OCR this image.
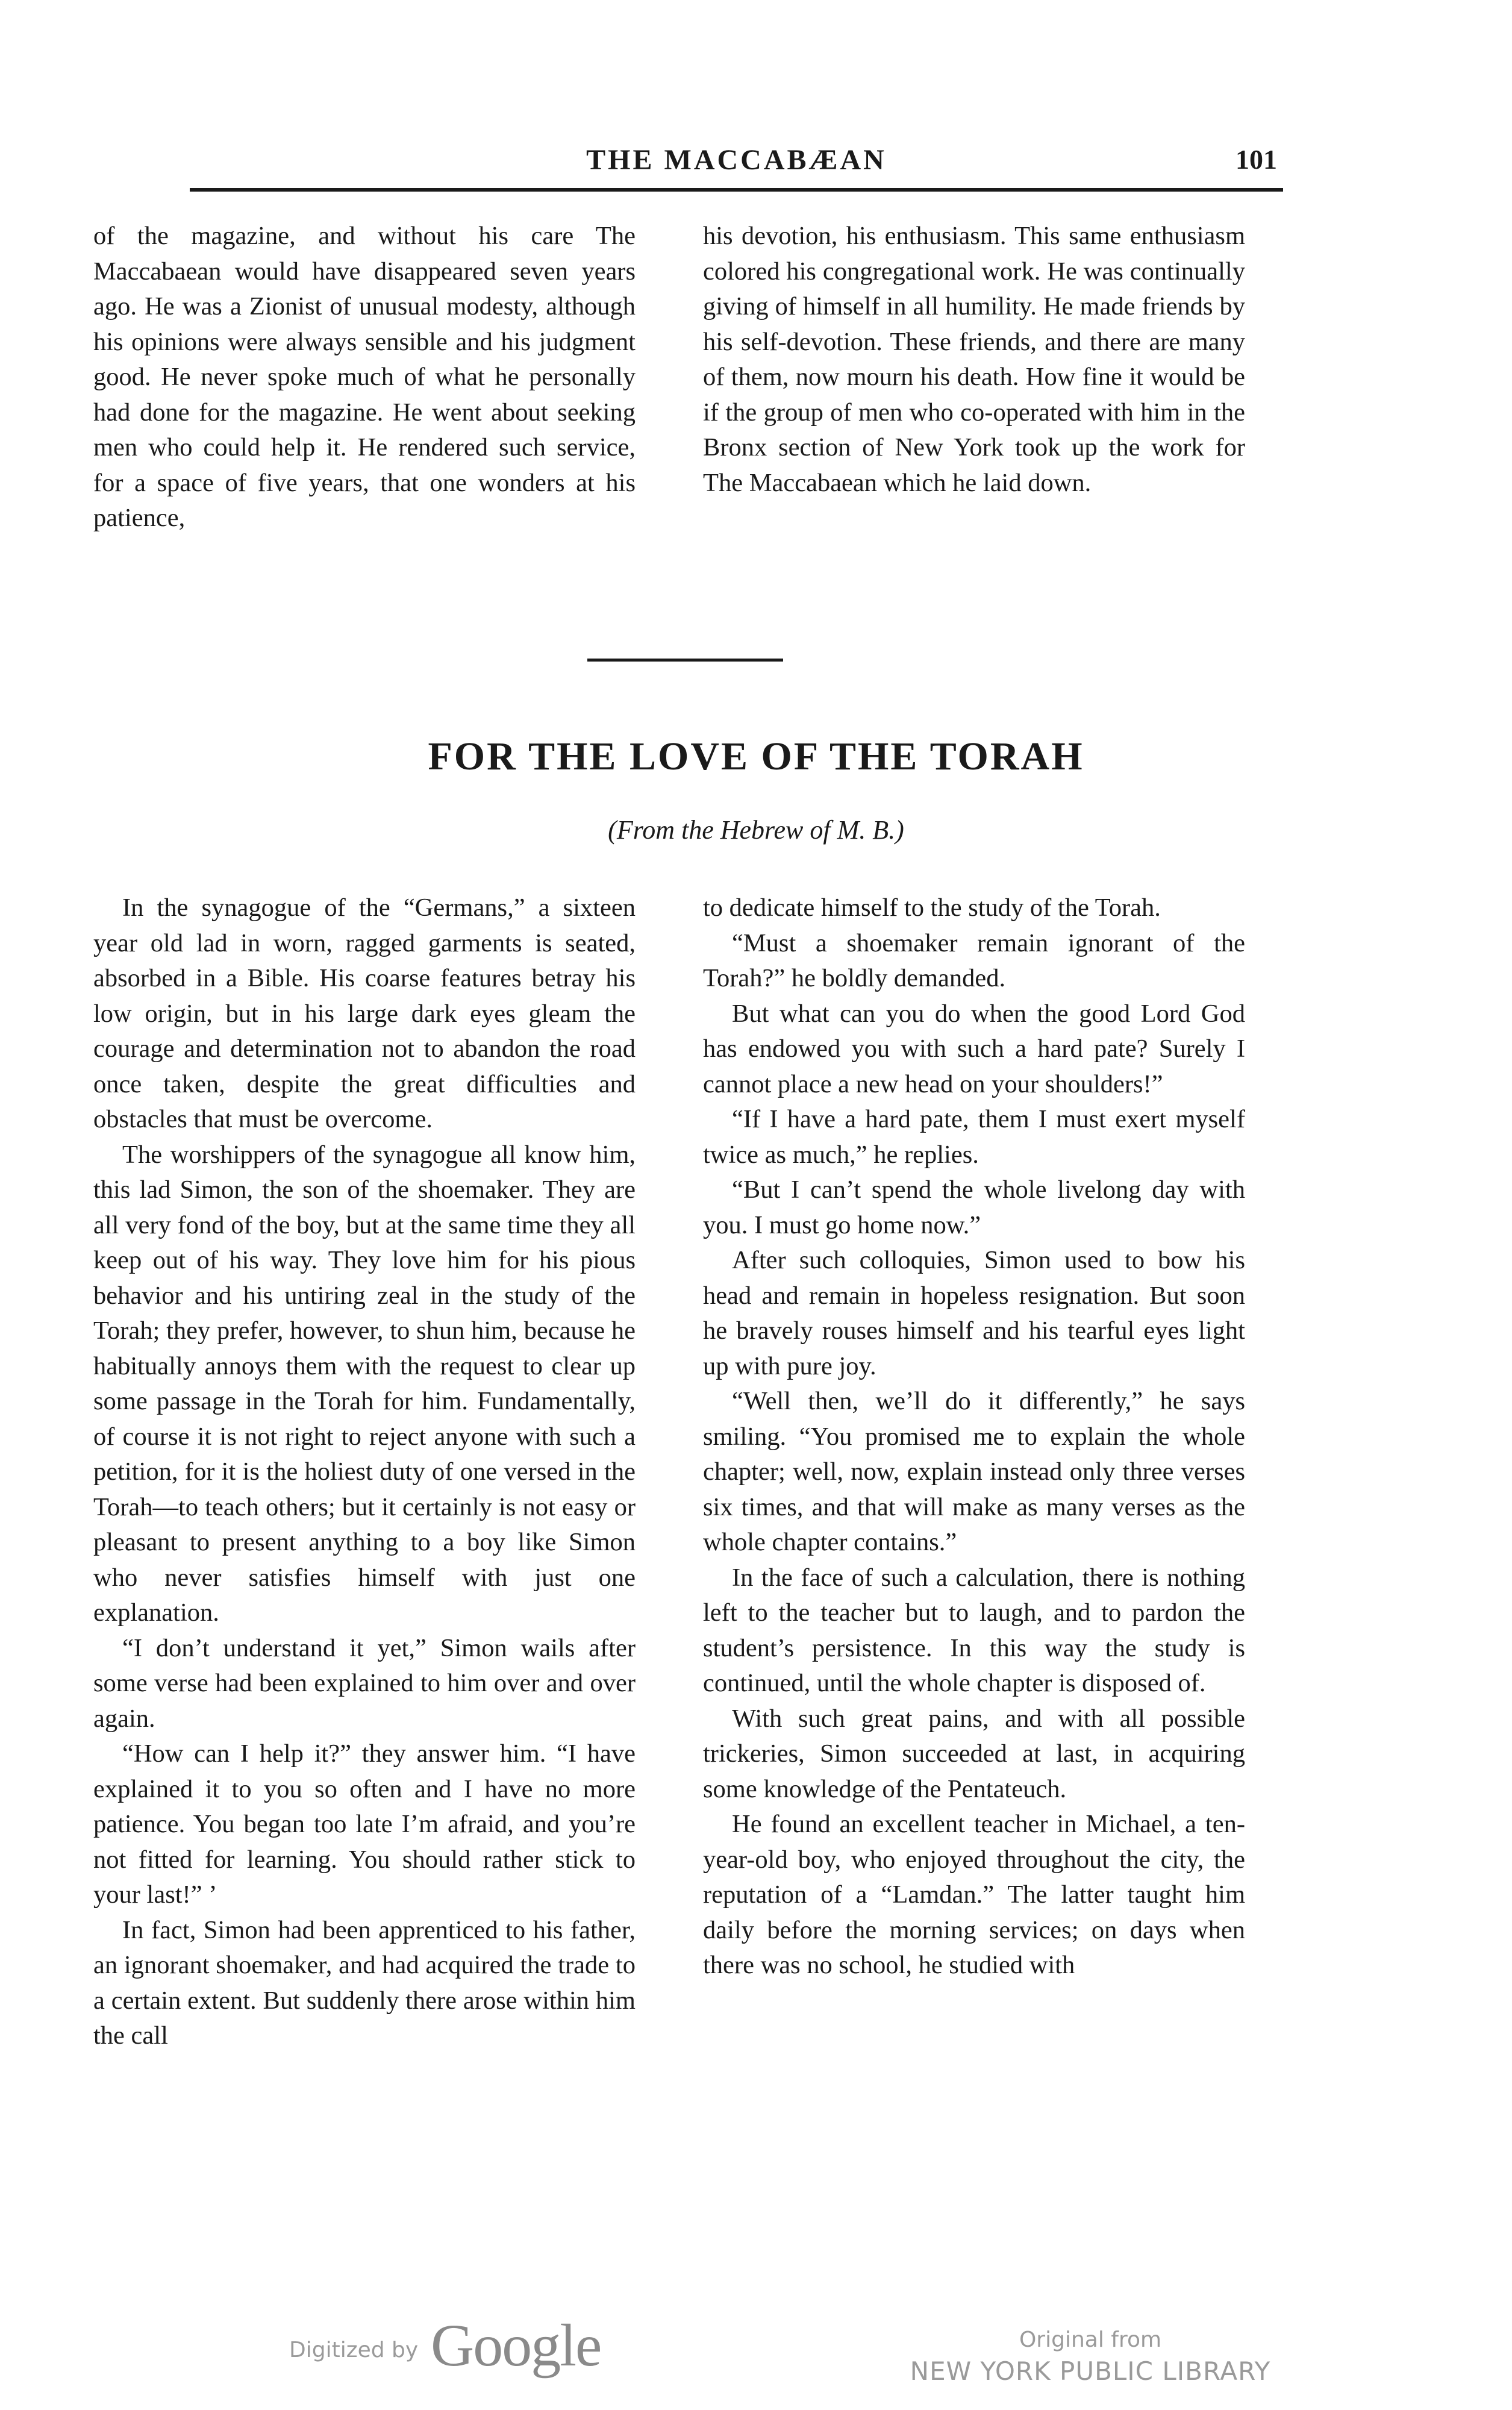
THE MACCABÆAN	101

of the magazine, and without his care The Maccabaean would have disappeared seven years ago. He was a Zionist of unusual modesty, although his opinions were always sensible and his judgment good. He never spoke much of what he personally had done for the magazine. He went about seeking men who could help it. He rendered such service, for a space of five years, that one wonders at his patience,

his devotion, his enthusiasm. This same enthusiasm colored his congregational work. He was continually giving of himself in all humility. He made friends by his self-devotion. These friends, and there are many of them, now mourn his death. How fine it would be if the group of men who co-operated with him in the Bronx section of New York took up the work for The Maccabaean which he laid down.

FOR THE LOVE OF THE TORAH
(From the Hebrew of M. B.)

In the synagogue of the “Germans,” a sixteen year old lad in worn, ragged garments is seated, absorbed in a Bible. His coarse features betray his low origin, but in his large dark eyes gleam the courage and determination not to abandon the road once taken, despite the great difficulties and obstacles that must be overcome.

The worshippers of the synagogue all know him, this lad Simon, the son of the shoemaker. They are all very fond of the boy, but at the same time they all keep out of his way. They love him for his pious behavior and his untiring zeal in the study of the Torah; they prefer, however, to shun him, because he habitually annoys them with the request to clear up some passage in the Torah for him. Fundamentally, of course it is not right to reject anyone with such a petition, for it is the holiest duty of one versed in the Torah—to teach others; but it certainly is not easy or pleasant to present anything to a boy like Simon who never satisfies himself with just one explanation.

“I don’t understand it yet,” Simon wails after some verse had been explained to him over and over again.

“How can I help it?” they answer him. “I have explained it to you so often and I have no more patience. You began too late I’m afraid, and you’re not fitted for learning. You should rather stick to your last!” ’

In fact, Simon had been apprenticed to his father, an ignorant shoemaker, and had acquired the trade to a certain extent. But suddenly there arose within him the call

to dedicate himself to the study of the Torah.

“Must a shoemaker remain ignorant of the Torah?” he boldly demanded.

But what can you do when the good Lord God has endowed you with such a hard pate? Surely I cannot place a new head on your shoulders!”

“If I have a hard pate, them I must exert myself twice as much,” he replies.

“But I can’t spend the whole livelong day with you. I must go home now.”

After such colloquies, Simon used to bow his head and remain in hopeless resignation. But soon he bravely rouses himself and his tearful eyes light up with pure joy.

“Well then, we’ll do it differently,” he says smiling. “You promised me to explain the whole chapter; well, now, explain instead only three verses six times, and that will make as many verses as the whole chapter contains.”

In the face of such a calculation, there is nothing left to the teacher but to laugh, and to pardon the student’s persistence. In this way the study is continued, until the whole chapter is disposed of.

With such great pains, and with all possible trickeries, Simon succeeded at last, in acquiring some knowledge of the Pentateuch.

He found an excellent teacher in Michael, a ten-year-old boy, who enjoyed throughout the city, the reputation of a “Lamdan.” The latter taught him daily before the morning services; on days when there was no school, he studied with

Digitized by Google	Original from
NEW YORK PUBLIC LIBRARY
